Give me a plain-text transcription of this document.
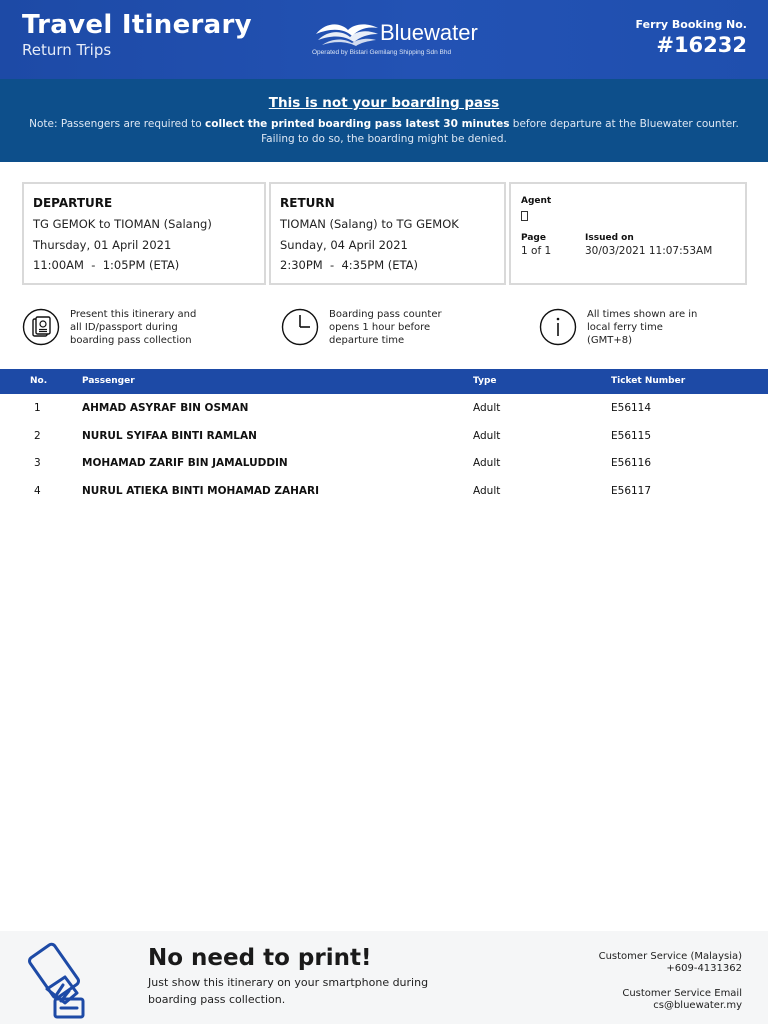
Travel Itinerary
Return Trips
Bluewater
Operated by Bistari Gemilang Shipping Sdn Bhd
Ferry Booking No.
#16232
This is not your boarding pass
Note: Passengers are required to collect the printed boarding pass latest 30 minutes before departure at the Bluewater counter.
Failing to do so, the boarding might be denied.
DEPARTURE
TG GEMOK to TIOMAN (Salang)
Thursday, 01 April 2021
11:00AM  -  1:05PM (ETA)
RETURN
TIOMAN (Salang) to TG GEMOK
Sunday, 04 April 2021
2:30PM  -  4:35PM (ETA)
Agent
Page
1 of 1
Issued on
30/03/2021 11:07:53AM
Present this itinerary and
all ID/passport during
boarding pass collection
Boarding pass counter
opens 1 hour before
departure time
All times shown are in
local ferry time
(GMT+8)
No.	Passenger	Type	Ticket Number
1	AHMAD ASYRAF BIN OSMAN	Adult	E56114
2	NURUL SYIFAA BINTI RAMLAN	Adult	E56115
3	MOHAMAD ZARIF BIN JAMALUDDIN	Adult	E56116
4	NURUL ATIEKA BINTI MOHAMAD ZAHARI	Adult	E56117
No need to print!
Just show this itinerary on your smartphone during
boarding pass collection.
Customer Service (Malaysia)
+609-4131362
Customer Service Email
cs@bluewater.my
